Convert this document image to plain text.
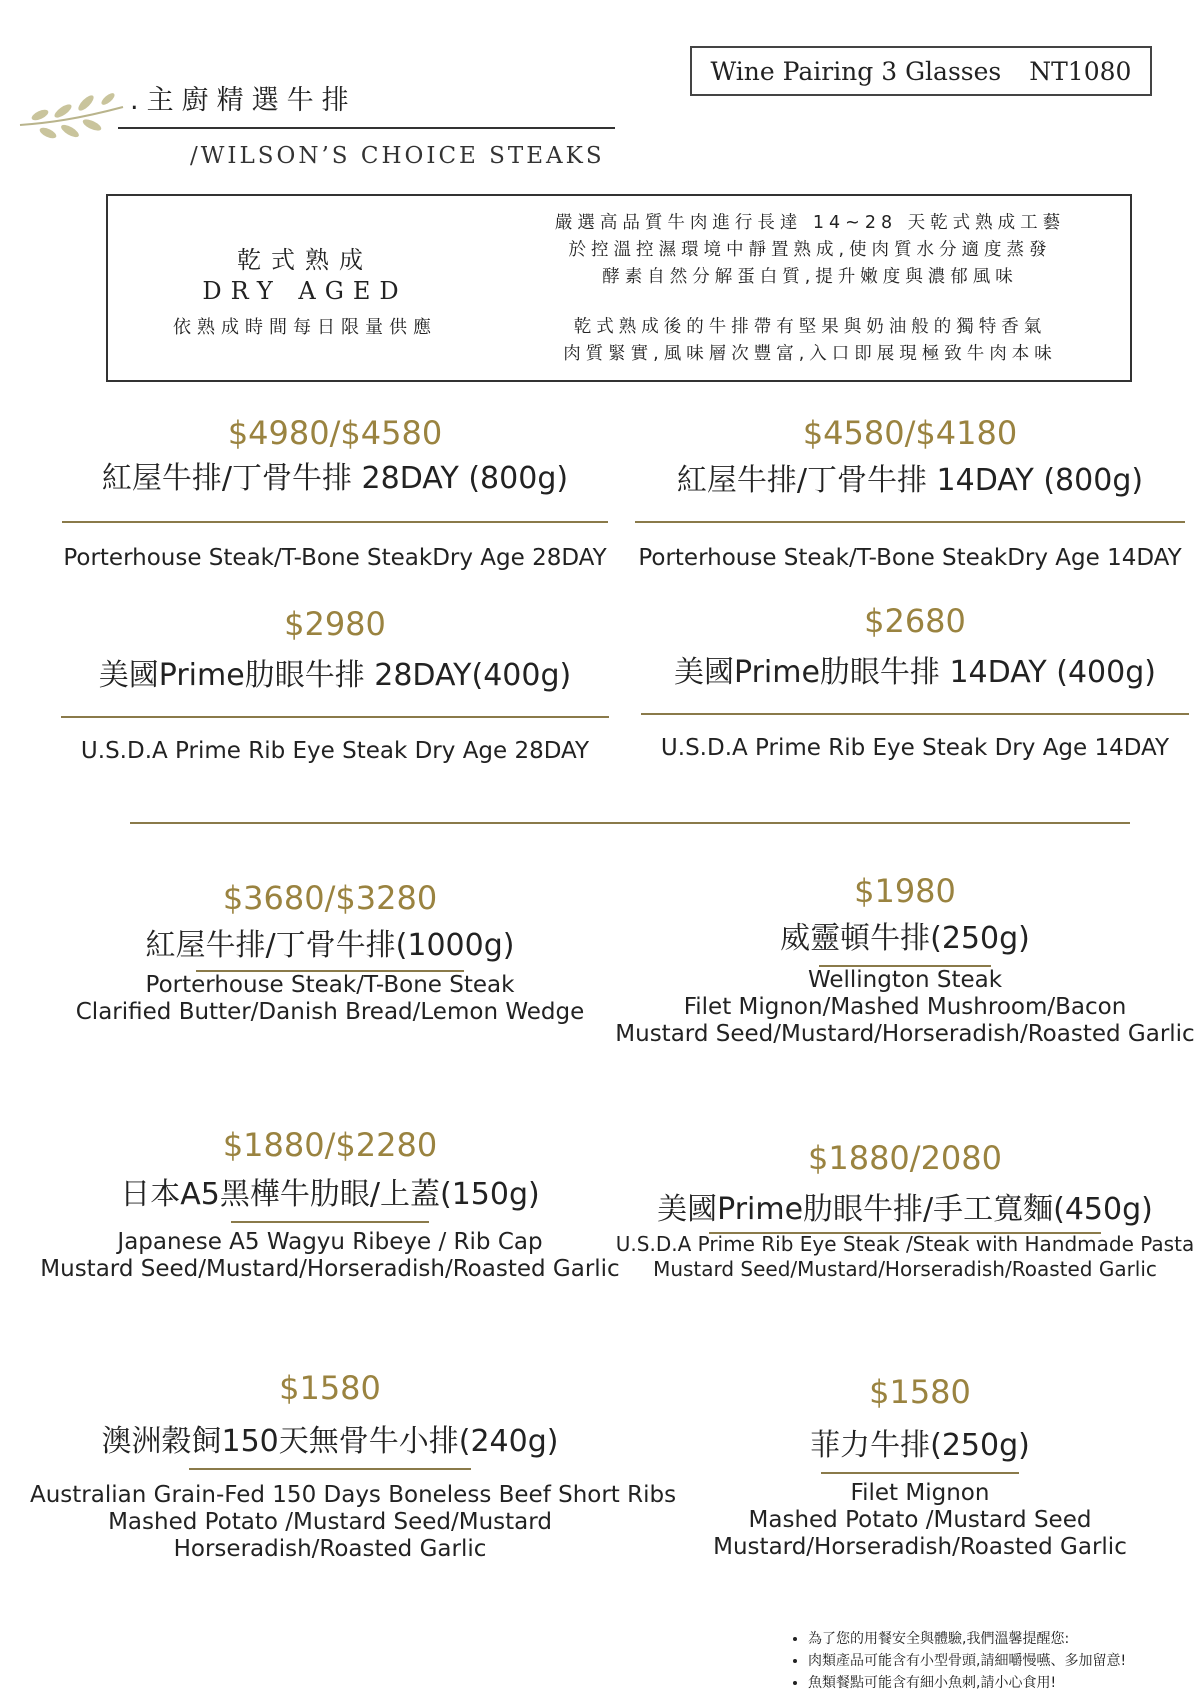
.主廚精選牛排
/WILSON’S CHOICE STEAKS
Wine Pairing 3 Glasses NT1080
乾式熟成
DRY AGED
依熟成時間每日限量供應
嚴選高品質牛肉進行長達 14~28 天乾式熟成工藝
於控溫控濕環境中靜置熟成,使肉質水分適度蒸發
酵素自然分解蛋白質,提升嫩度與濃郁風味
乾式熟成後的牛排帶有堅果與奶油般的獨特香氣
肉質緊實,風味層次豐富,入口即展現極致牛肉本味
$4980/$4580
紅屋牛排/丁骨牛排 28DAY (800g)
Porterhouse Steak/T-Bone SteakDry Age 28DAY
$4580/$4180
紅屋牛排/丁骨牛排 14DAY (800g)
Porterhouse Steak/T-Bone SteakDry Age 14DAY
$2980
美國Prime肋眼牛排 28DAY(400g)
U.S.D.A Prime Rib Eye Steak Dry Age 28DAY
$2680
美國Prime肋眼牛排 14DAY (400g)
U.S.D.A Prime Rib Eye Steak Dry Age 14DAY
$3680/$3280
紅屋牛排/丁骨牛排(1000g)
Porterhouse Steak/T-Bone Steak
Clarified Butter/Danish Bread/Lemon Wedge
$1980
威靈頓牛排(250g)
Wellington Steak
Filet Mignon/Mashed Mushroom/Bacon
Mustard Seed/Mustard/Horseradish/Roasted Garlic
$1880/$2280
日本A5黑樺牛肋眼/上蓋(150g)
Japanese A5 Wagyu Ribeye / Rib Cap
Mustard Seed/Mustard/Horseradish/Roasted Garlic
$1880/2080
美國Prime肋眼牛排/手工寬麵(450g)
U.S.D.A Prime Rib Eye Steak /Steak with Handmade Pasta
Mustard Seed/Mustard/Horseradish/Roasted Garlic
$1580
澳洲穀飼150天無骨牛小排(240g)
Australian Grain-Fed 150 Days Boneless Beef Short Ribs
Mashed Potato /Mustard Seed/Mustard
Horseradish/Roasted Garlic
$1580
菲力牛排(250g)
Filet Mignon
Mashed Potato /Mustard Seed
Mustard/Horseradish/Roasted Garlic
• 為了您的用餐安全與體驗,我們溫馨提醒您:
• 肉類產品可能含有小型骨頭,請細嚼慢嚥、多加留意!
• 魚類餐點可能含有細小魚刺,請小心食用!
